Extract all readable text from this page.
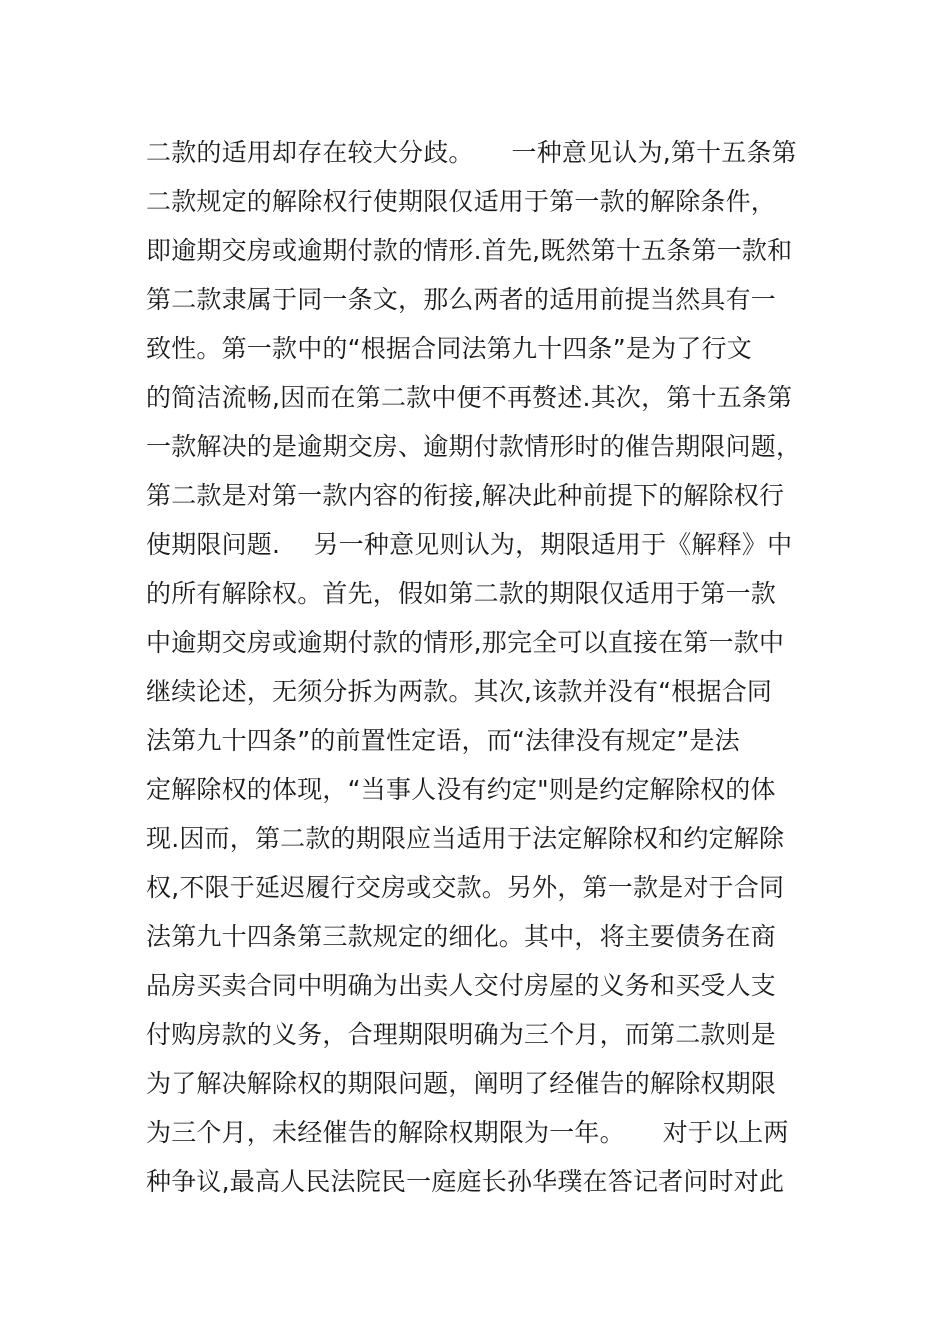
二款的适用却存在较大分歧。　　一种意见认为,第十五条第
二款规定的解除权行使期限仅适用于第一款的解除条件，
即逾期交房或逾期付款的情形.首先,既然第十五条第一款和
第二款隶属于同一条文，那么两者的适用前提当然具有一
致性。第一款中的“根据合同法第九十四条”是为了行文
的简洁流畅,因而在第二款中便不再赘述.其次，第十五条第
一款解决的是逾期交房、逾期付款情形时的催告期限问题，
第二款是对第一款内容的衔接,解决此种前提下的解除权行
使期限问题.　 另一种意见则认为，期限适用于《解释》中
的所有解除权。首先，假如第二款的期限仅适用于第一款
中逾期交房或逾期付款的情形,那完全可以直接在第一款中
继续论述，无须分拆为两款。其次,该款并没有“根据合同
法第九十四条”的前置性定语，而“法律没有规定”是法
定解除权的体现，“当事人没有约定"则是约定解除权的体
现.因而，第二款的期限应当适用于法定解除权和约定解除
权,不限于延迟履行交房或交款。另外，第一款是对于合同
法第九十四条第三款规定的细化。其中，将主要债务在商
品房买卖合同中明确为出卖人交付房屋的义务和买受人支
付购房款的义务，合理期限明确为三个月，而第二款则是
为了解决解除权的期限问题，阐明了经催告的解除权期限
为三个月，未经催告的解除权期限为一年。　　对于以上两
种争议,最高人民法院民一庭庭长孙华璞在答记者问时对此
